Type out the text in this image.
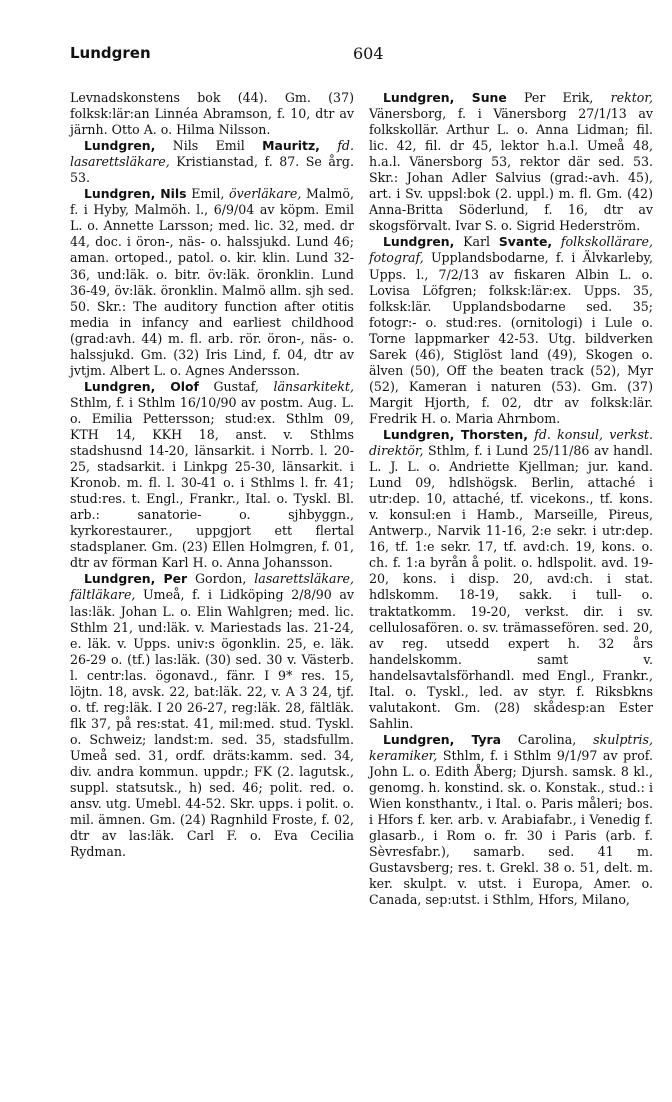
Lundgren	604

Levnadskonstens bok (44). Gm. (37) folksk:lär:an Linnéa Abramson, f. 10, dtr av järnh. Otto A. o. Hilma Nilsson.

Lundgren, Nils Emil Mauritz, fd. lasarettsläkare, Kristianstad, f. 87. Se årg. 53.

Lundgren, Nils Emil, överläkare, Malmö, f. i Hyby, Malmöh. l., 6/9/04 av köpm. Emil L. o. Annette Larsson; med. lic. 32, med. dr 44, doc. i öron-, näs- o. halssjukd. Lund 46; aman. ortoped., patol. o. kir. klin. Lund 32-36, und:läk. o. bitr. öv:läk. öronklin. Lund 36-49, öv:läk. öronklin. Malmö allm. sjh sed. 50. Skr.: The auditory function after otitis media in infancy and earliest childhood (grad:avh. 44) m. fl. arb. rör. öron-, näs- o. halssjukd. Gm. (32) Iris Lind, f. 04, dtr av jvtjm. Albert L. o. Agnes Andersson.

Lundgren, Olof Gustaf, länsarkitekt, Sthlm, f. i Sthlm 16/10/90 av postm. Aug. L. o. Emilia Pettersson; stud:ex. Sthlm 09, KTH 14, KKH 18, anst. v. Sthlms stadshusnd 14-20, länsarkit. i Norrb. l. 20-25, stadsarkit. i Linkpg 25-30, länsarkit. i Kronob. m. fl. l. 30-41 o. i Sthlms l. fr. 41; stud:res. t. Engl., Frankr., Ital. o. Tyskl. Bl. arb.: sanatorie- o. sjhbyggn., kyrkorestaurer., uppgjort ett flertal stadsplaner. Gm. (23) Ellen Holmgren, f. 01, dtr av förman Karl H. o. Anna Johansson.

Lundgren, Per Gordon, lasarettsläkare, fältläkare, Umeå, f. i Lidköping 2/8/90 av las:läk. Johan L. o. Elin Wahlgren; med. lic. Sthlm 21, und:läk. v. Mariestads las. 21-24, e. läk. v. Upps. univ:s ögonklin. 25, e. läk. 26-29 o. (tf.) las:läk. (30) sed. 30 v. Västerb. l. centr:las. ögonavd., fänr. I 9* res. 15, löjtn. 18, avsk. 22, bat:läk. 22, v. A 3 24, tjf. o. tf. reg:läk. I 20 26-27, reg:läk. 28, fältläk. flk 37, på res:stat. 41, mil:med. stud. Tyskl. o. Schweiz; landst:m. sed. 35, stadsfullm. Umeå sed. 31, ordf. dräts:kamm. sed. 34, div. andra kommun. uppdr.; FK (2. lagutsk., suppl. statsutsk., h) sed. 46; polit. red. o. ansv. utg. Umebl. 44-52. Skr. upps. i polit. o. mil. ämnen. Gm. (24) Ragnhild Froste, f. 02, dtr av las:läk. Carl F. o. Eva Cecilia Rydman.

Lundgren, Sune Per Erik, rektor, Vänersborg, f. i Vänersborg 27/1/13 av folkskollär. Arthur L. o. Anna Lidman; fil. lic. 42, fil. dr 45, lektor h.a.l. Umeå 48, h.a.l. Vänersborg 53, rektor där sed. 53. Skr.: Johan Adler Salvius (grad:-avh. 45), art. i Sv. uppsl:bok (2. uppl.) m. fl. Gm. (42) Anna-Britta Söderlund, f. 16, dtr av skogsförvalt. Ivar S. o. Sigrid Hederström.

Lundgren, Karl Svante, folkskollärare, fotograf, Upplandsbodarne, f. i Älvkarleby, Upps. l., 7/2/13 av fiskaren Albin L. o. Lovisa Löfgren; folksk:lär:ex. Upps. 35, folksk:lär. Upplandsbodarne sed. 35; fotogr:- o. stud:res. (ornitologi) i Lule o. Torne lappmarker 42-53. Utg. bildverken Sarek (46), Stiglöst land (49), Skogen o. älven (50), Off the beaten track (52), Myr (52), Kameran i naturen (53). Gm. (37) Margit Hjorth, f. 02, dtr av folksk:lär. Fredrik H. o. Maria Ahrnbom.

Lundgren, Thorsten, fd. konsul, verkst. direktör, Sthlm, f. i Lund 25/11/86 av handl. L. J. L. o. Andriette Kjellman; jur. kand. Lund 09, hdlshögsk. Berlin, attaché i utr:dep. 10, attaché, tf. vicekons., tf. kons. v. konsul:en i Hamb., Marseille, Pireus, Antwerp., Narvik 11-16, 2:e sekr. i utr:dep. 16, tf. 1:e sekr. 17, tf. avd:ch. 19, kons. o. ch. f. 1:a byrån å polit. o. hdlspolit. avd. 19-20, kons. i disp. 20, avd:ch. i stat. hdlskomm. 18-19, sakk. i tull- o. traktatkomm. 19-20, verkst. dir. i sv. cellulosafören. o. sv. trämassefören. sed. 20, av reg. utsedd expert h. 32 års handelskomm. samt v. handelsavtalsförhandl. med Engl., Frankr., Ital. o. Tyskl., led. av styr. f. Riksbkns valutakont. Gm. (28) skådesp:an Ester Sahlin.

Lundgren, Tyra Carolina, skulptris, keramiker, Sthlm, f. i Sthlm 9/1/97 av prof. John L. o. Edith Åberg; Djursh. samsk. 8 kl., genomg. h. konstind. sk. o. Konstak., stud.: i Wien konsthantv., i Ital. o. Paris måleri; bos. i Hfors f. ker. arb. v. Arabiafabr., i Venedig f. glasarb., i Rom o. fr. 30 i Paris (arb. f. Sèvresfabr.), samarb. sed. 41 m. Gustavsberg; res. t. Grekl. 38 o. 51, delt. m. ker. skulpt. v. utst. i Europa, Amer. o. Canada, sep:utst. i Sthlm, Hfors, Milano,
